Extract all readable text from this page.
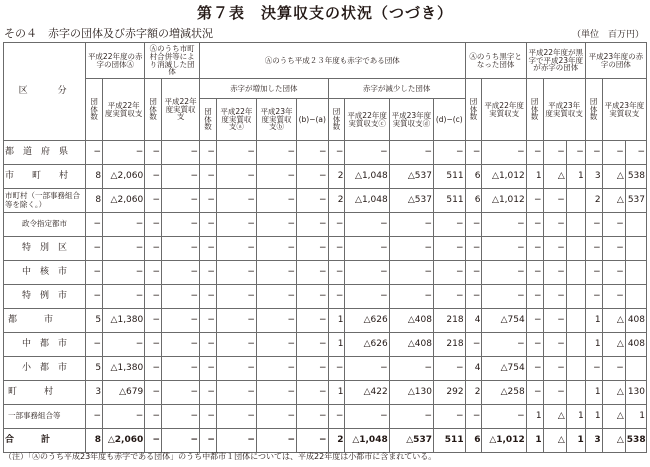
第７表　決算収支の状況（つづき）
その４　赤字の団体及び赤字額の増減状況	（単位　百万円）
区　　分	平成22年度の赤字の団体Ⓐ		Ⓐのうち市町村合併等により消滅した団体		Ⓐのうち平成２３年度も赤字である団体								Ⓐのうち黒字となった団体		平成22年度が黒字で平成23年度が赤字の団体			平成23年度の赤字の団体		
	団体数	平成22年度実質収支	団体数	平成22年度実質収支	赤字が増加した団体				赤字が減少した団体				団体数	平成22年度実質収支	団体数	平成23年度実質収支		団体数	平成23年度実質収支	
					団体数	平成22年度実質収支ⓐ	平成23年度実質収支ⓑ	(b)−(a)	団体数	平成22年度実質収支ⓒ	平成23年度実質収支ⓓ	(d)−(c)								
都　道　府　県	−	−	−	−	−	−	−	−	−	−	−	−	−	−	−	−	−	−	−	−
市　　町　　村	8	△2,060	−	−	−	−	−	−	2	△1,048	△537	511	6	△1,012	1	△	1	3	△	538
市町村（一部事務組合等を除く。）	8	△2,060	−	−	−	−	−	−	2	△1,048	△537	511	6	△1,012	−	−		2	△	537
政令指定都市	−	−	−	−	−	−	−	−	−	−	−	−	−	−	−	−		−	−	
特　別　区	−	−	−	−	−	−	−	−	−	−	−	−	−	−	−	−		−	−	
中　核　市	−	−	−	−	−	−	−	−	−	−	−	−	−	−	−	−		−	−	
特　例　市	−	−	−	−	−	−	−	−	−	−	−	−	−	−	−	−		−	−	
都　　　市	5	△1,380	−	−	−	−	−	−	1	△626	△408	218	4	△754	−	−		1	△	408
中　都　市	−	−	−	−	−	−	−	−	1	△626	△408	218	−	−	−	−		1	△	408
小　都　市	5	△1,380	−	−	−	−	−	−	−	−	−	−	4	△754	−	−		−	−	
町　　　村	3	△679	−	−	−	−	−	−	1	△422	△130	292	2	△258	−	−		1	△	130
一部事務組合等	−	−	−	−	−	−	−	−	−	−	−	−	−	−	1	△	1	1	△	1
合　　　計	8	△2,060	−	−	−	−	−	−	2	△1,048	△537	511	6	△1,012	1	△	1	3	△	538
（注）「Ⓐのうち平成23年度も赤字である団体」のうち中都市１団体については、平成22年度は小都市に含まれている。
